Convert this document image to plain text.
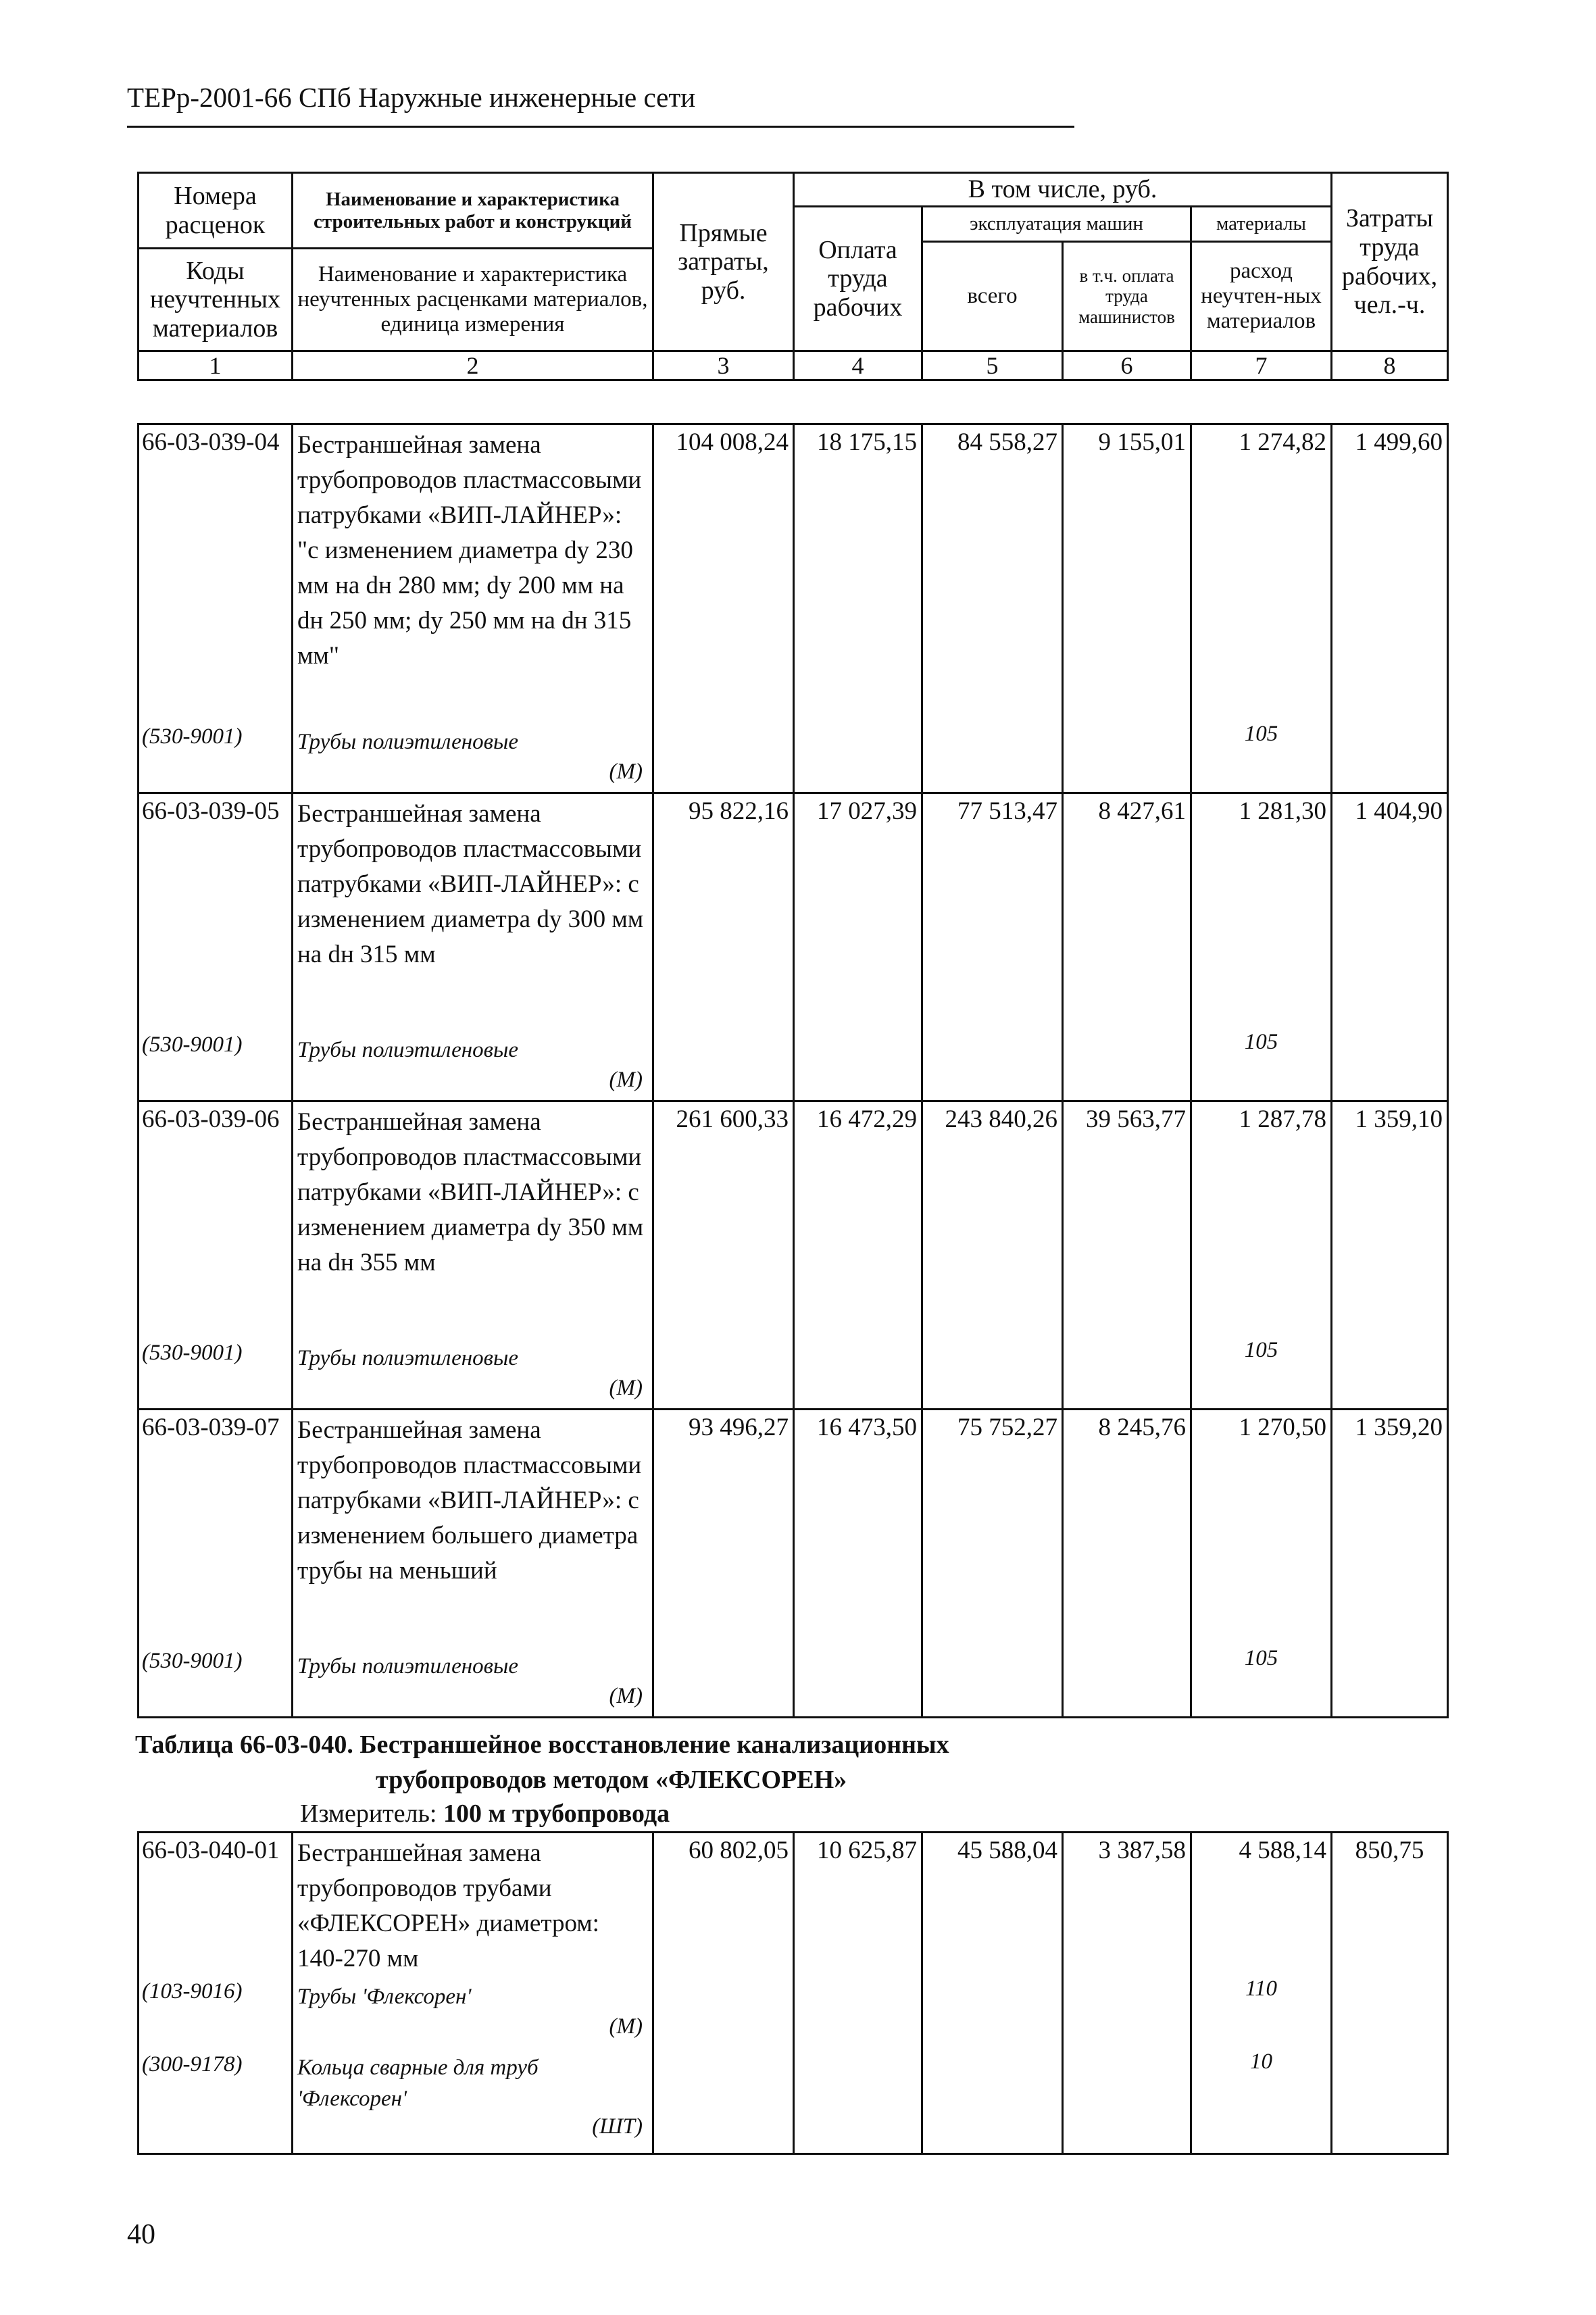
ТЕРр-2001-66 СПб Наружные инженерные сети
Номера расценок	Наименование и характеристика строительных работ и конструкций	Прямые затраты, руб.	В том числе, руб.				Затраты труда рабочих, чел.-ч.
			Оплата труда рабочих	эксплуатация машин		материалы	
				всего	в т.ч. оплата труда машинистов	расход неучтен-ных материалов	
Коды неучтенных материалов	Наименование и характеристика неучтенных расценками материалов, единица измерения						

1	2	3	4	5	6	7	8
66-03-039-04	Бестраншейная замена трубопроводов пластмассовыми патрубками «ВИП-ЛАЙНЕР»: "с изменением диаметра dy 230 мм на dн 280 мм; dy 200 мм на dн 250 мм; dy 250 мм на dн 315 мм"	104 008,24	18 175,15	84 558,27	9 155,01	1 274,82	1 499,60
(530-9001)	Трубы полиэтиленовые					105	
	(М)						
66-03-039-05	Бестраншейная замена трубопроводов пластмассовыми патрубками «ВИП-ЛАЙНЕР»: с изменением диаметра dy 300 мм на dн 315 мм	95 822,16	17 027,39	77 513,47	8 427,61	1 281,30	1 404,90
(530-9001)	Трубы полиэтиленовые					105	
	(М)						
66-03-039-06	Бестраншейная замена трубопроводов пластмассовыми патрубками «ВИП-ЛАЙНЕР»: с изменением диаметра dy 350 мм на dн 355 мм	261 600,33	16 472,29	243 840,26	39 563,77	1 287,78	1 359,10
(530-9001)	Трубы полиэтиленовые					105	
	(М)						
66-03-039-07	Бестраншейная замена трубопроводов пластмассовыми патрубками «ВИП-ЛАЙНЕР»: с изменением большего диаметра трубы на меньший	93 496,27	16 473,50	75 752,27	8 245,76	1 270,50	1 359,20
(530-9001)	Трубы полиэтиленовые					105	
	(М)						
Таблица 66-03-040. Бестраншейное восстановление канализационных
трубопроводов методом «ФЛЕКСОРЕН»
Измеритель: 100 м трубопровода
66-03-040-01	Бестраншейная замена трубопроводов трубами «ФЛЕКСОРЕН» диаметром: 140-270 мм	60 802,05	10 625,87	45 588,04	3 387,58	4 588,14	850,75
(103-9016)	Трубы 'Флексорен'					110	
	(М)						
(300-9178)	Кольца сварные для труб 'Флексорен'					10	
	(ШТ)						
40
